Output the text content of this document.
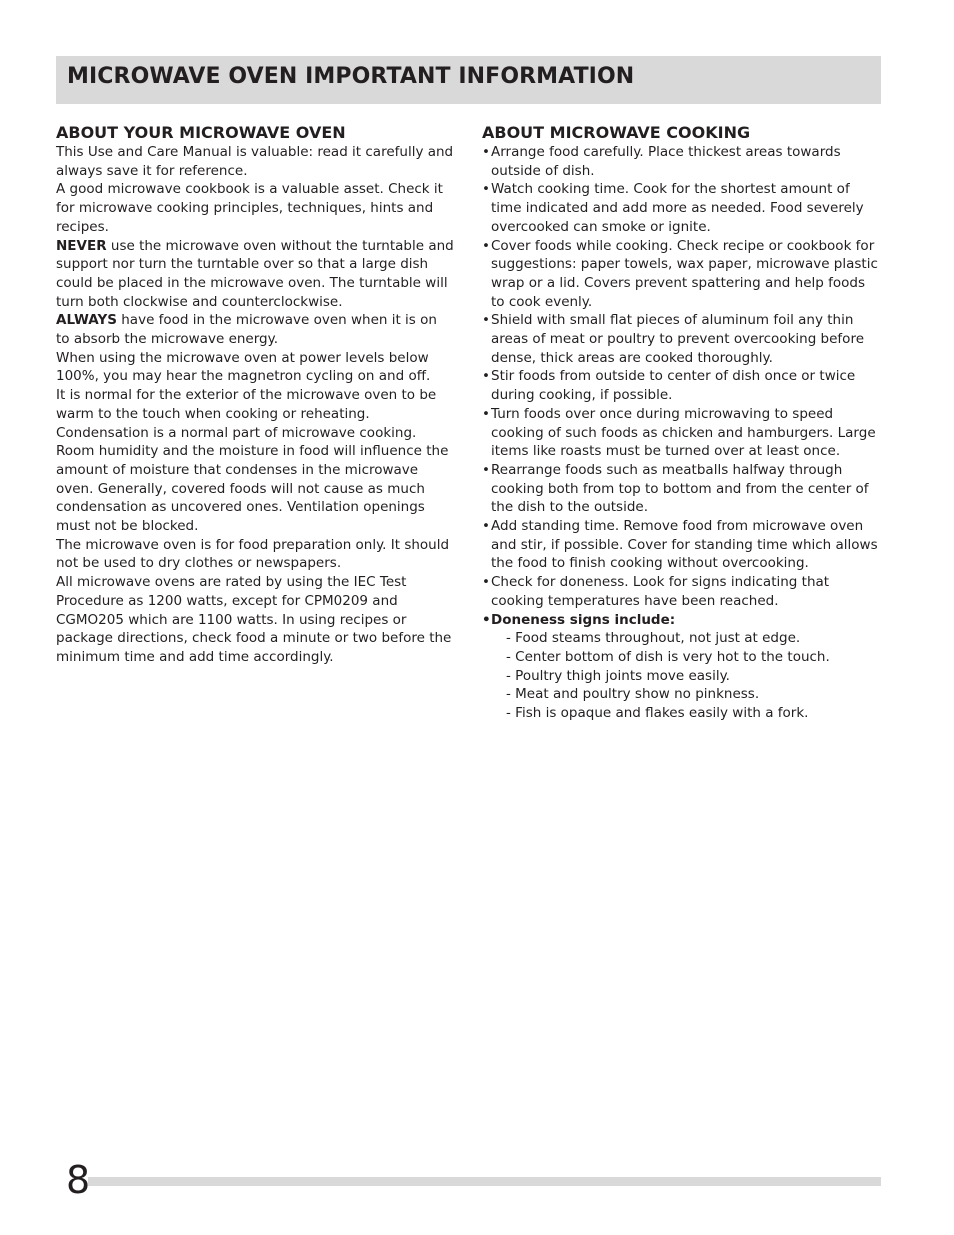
MICROWAVE OVEN IMPORTANT INFORMATION
ABOUT YOUR MICROWAVE OVEN

This Use and Care Manual is valuable: read it carefully and always save it for reference.

A good microwave cookbook is a valuable asset. Check it for microwave cooking principles, techniques, hints and recipes.

NEVER use the microwave oven without the turntable and support nor turn the turntable over so that a large dish could be placed in the microwave oven. The turntable will turn both clockwise and counterclockwise.

ALWAYS have food in the microwave oven when it is on to absorb the microwave energy.

When using the microwave oven at power levels below 100%, you may hear the magnetron cycling on and off.

It is normal for the exterior of the microwave oven to be warm to the touch when cooking or reheating.

Condensation is a normal part of microwave cooking. Room humidity and the moisture in food will influence the amount of moisture that condenses in the microwave oven. Generally, covered foods will not cause as much condensation as uncovered ones. Ventilation openings must not be blocked.

The microwave oven is for food preparation only. It should not be used to dry clothes or newspapers.

All microwave ovens are rated by using the IEC Test Procedure as 1200 watts, except for CPM0209 and CGMO205 which are 1100 watts. In using recipes or package directions, check food a minute or two before the minimum time and add time accordingly.

ABOUT MICROWAVE COOKING
•Arrange food carefully. Place thickest areas towards outside of dish.
•Watch cooking time. Cook for the shortest amount of time indicated and add more as needed. Food severely overcooked can smoke or ignite.
•Cover foods while cooking. Check recipe or cookbook for suggestions: paper towels, wax paper, microwave plastic wrap or a lid. Covers prevent spattering and help foods to cook evenly.
•Shield with small flat pieces of aluminum foil any thin areas of meat or poultry to prevent overcooking before dense, thick areas are cooked thoroughly.
•Stir foods from outside to center of dish once or twice during cooking, if possible.
•Turn foods over once during microwaving to speed cooking of such foods as chicken and hamburgers. Large items like roasts must be turned over at least once.
•Rearrange foods such as meatballs halfway through cooking both from top to bottom and from the center of the dish to the outside.
•Add standing time. Remove food from microwave oven and stir, if possible. Cover for standing time which allows the food to finish cooking without overcooking.
•Check for doneness. Look for signs indicating that cooking temperatures have been reached.
•Doneness signs include:
- Food steams throughout, not just at edge.
- Center bottom of dish is very hot to the touch.
- Poultry thigh joints move easily.
- Meat and poultry show no pinkness.
- Fish is opaque and flakes easily with a fork.
8
